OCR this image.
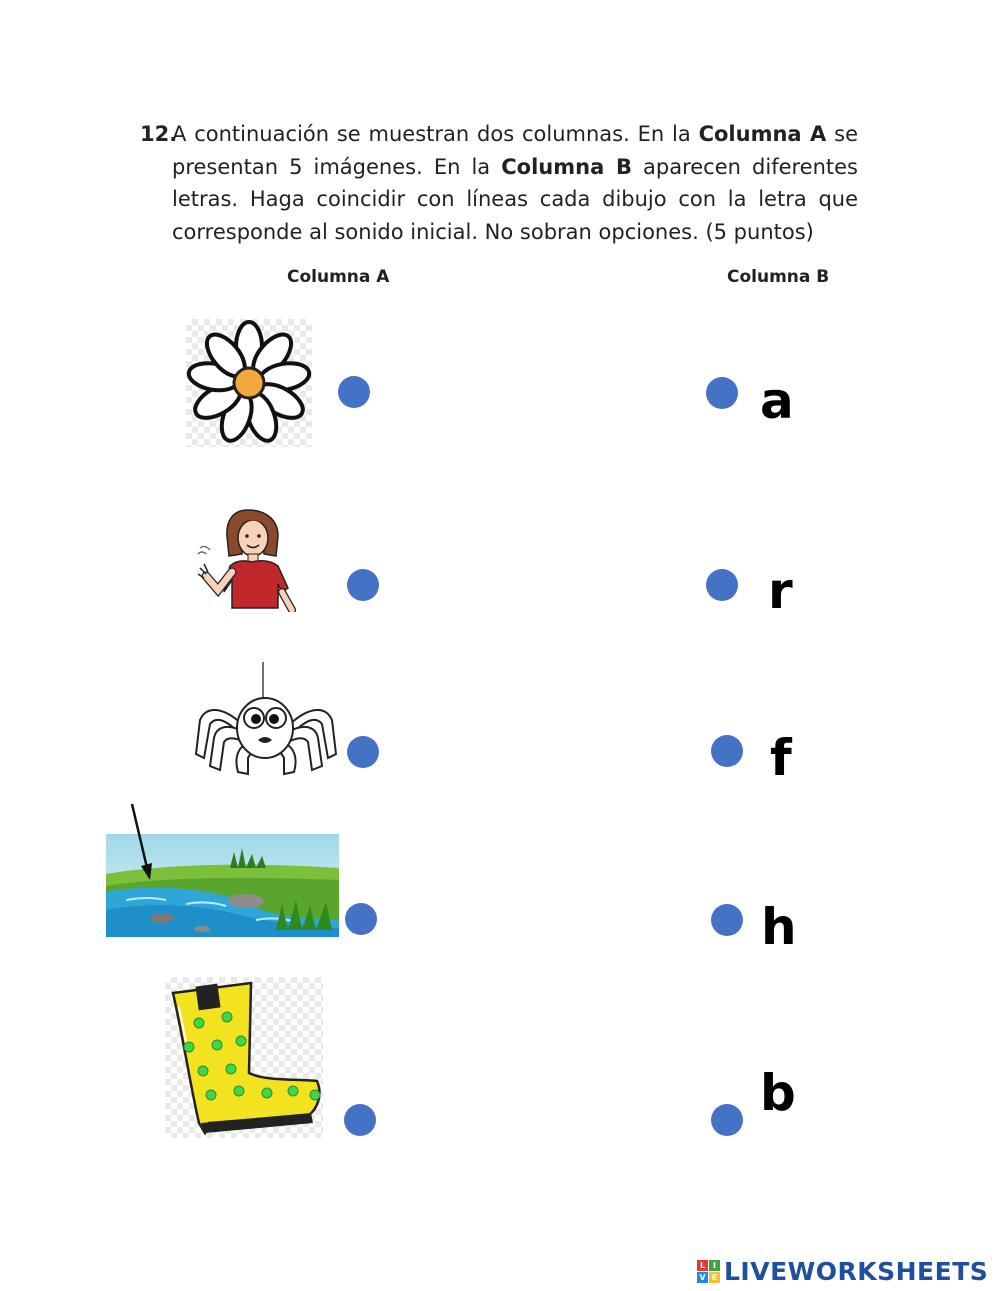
12.
A continuación se muestran dos columnas. En la Columna A se presentan 5 imágenes. En la Columna B aparecen diferentes letras. Haga coincidir con líneas cada dibujo con la letra que corresponde al sonido inicial. No sobran opciones. (5 puntos)
Columna A	Columna B
a
r
f
h
b
L I
V E LIVEWORKSHEETS
